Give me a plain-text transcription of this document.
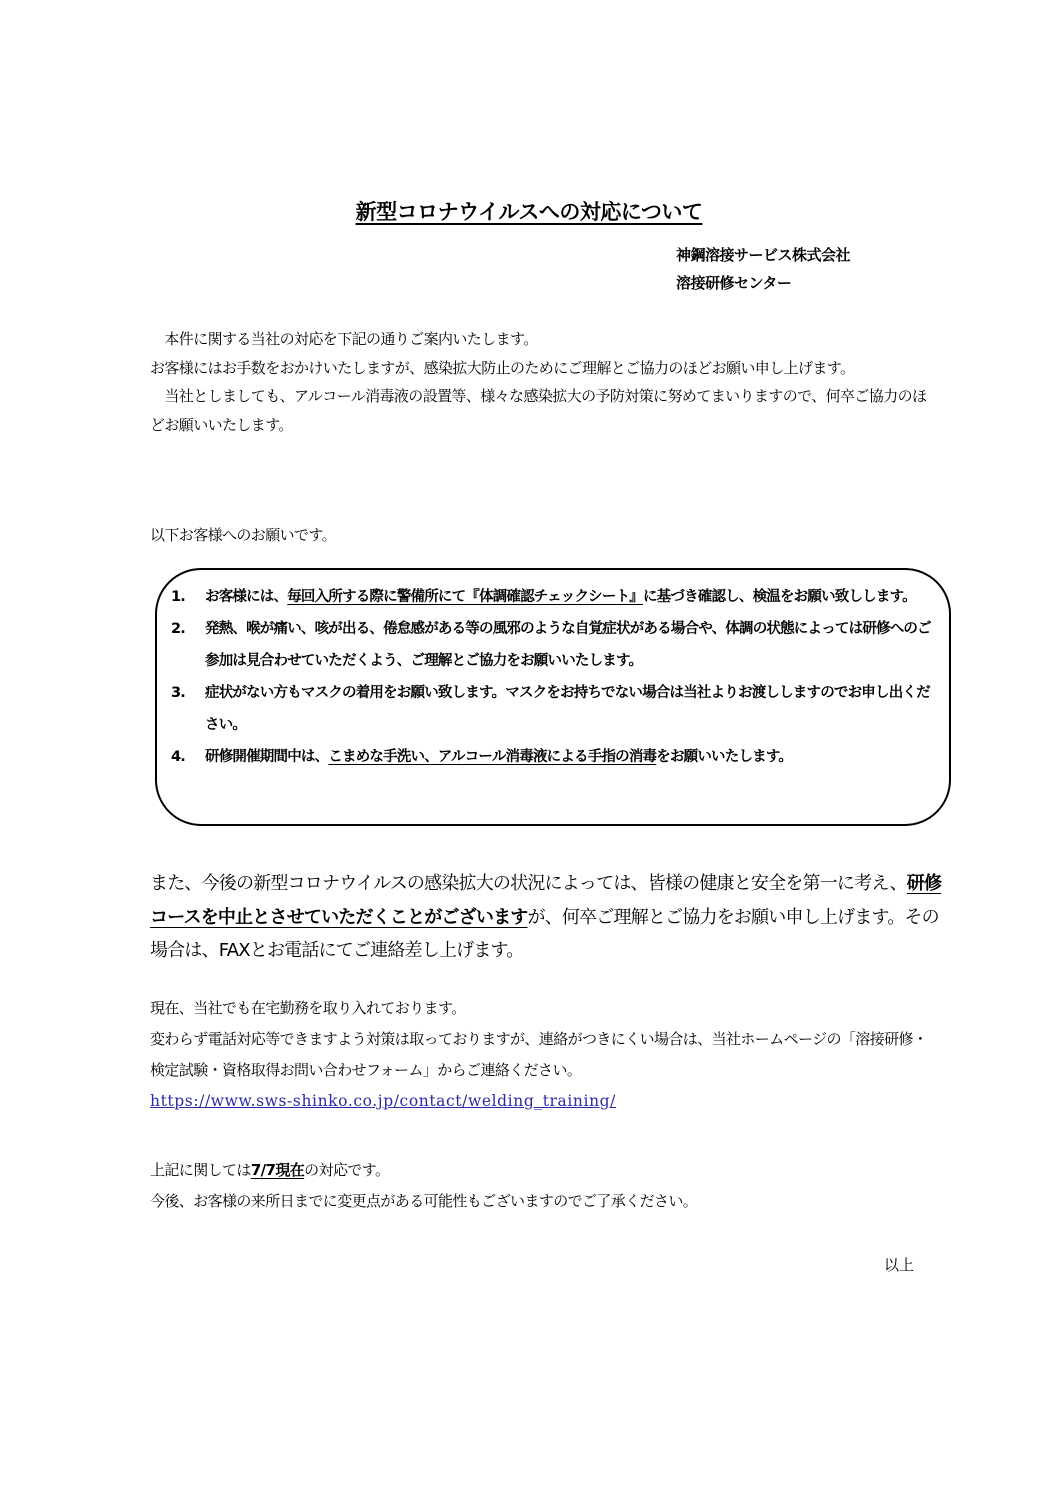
新型コロナウイルスへの対応について
神鋼溶接サービス株式会社
溶接研修センター

　本件に関する当社の対応を下記の通りご案内いたします。

お客様にはお手数をおかけいたしますが、感染拡大防止のためにご理解とご協力のほどお願い申し上げます。

　当社としましても、アルコール消毒液の設置等、様々な感染拡大の予防対策に努めてまいりますので、何卒ご協力のほどお願いいたします。

以下お客様へのお願いです。
1.	お客様には、毎回入所する際に警備所にて『体調確認チェックシート』に基づき確認し、検温をお願い致しします。
2.	発熱、喉が痛い、咳が出る、倦怠感がある等の風邪のような自覚症状がある場合や、体調の状態によっては研修へのご参加は見合わせていただくよう、ご理解とご協力をお願いいたします。
3.	症状がない方もマスクの着用をお願い致します。マスクをお持ちでない場合は当社よりお渡ししますのでお申し出ください。
4.	研修開催期間中は、こまめな手洗い、アルコール消毒液による手指の消毒をお願いいたします。
また、今後の新型コロナウイルスの感染拡大の状況によっては、皆様の健康と安全を第一に考え、研修コースを中止とさせていただくことがございますが、何卒ご理解とご協力をお願い申し上げます。その場合は、FAXとお電話にてご連絡差し上げます。

現在、当社でも在宅勤務を取り入れております。

変わらず電話対応等できますよう対策は取っておりますが、連絡がつきにくい場合は、当社ホームページの「溶接研修・検定試験・資格取得お問い合わせフォーム」からご連絡ください。

https://www.sws-shinko.co.jp/contact/welding_training/

上記に関しては7/7現在の対応です。

今後、お客様の来所日までに変更点がある可能性もございますのでご了承ください。

以上
